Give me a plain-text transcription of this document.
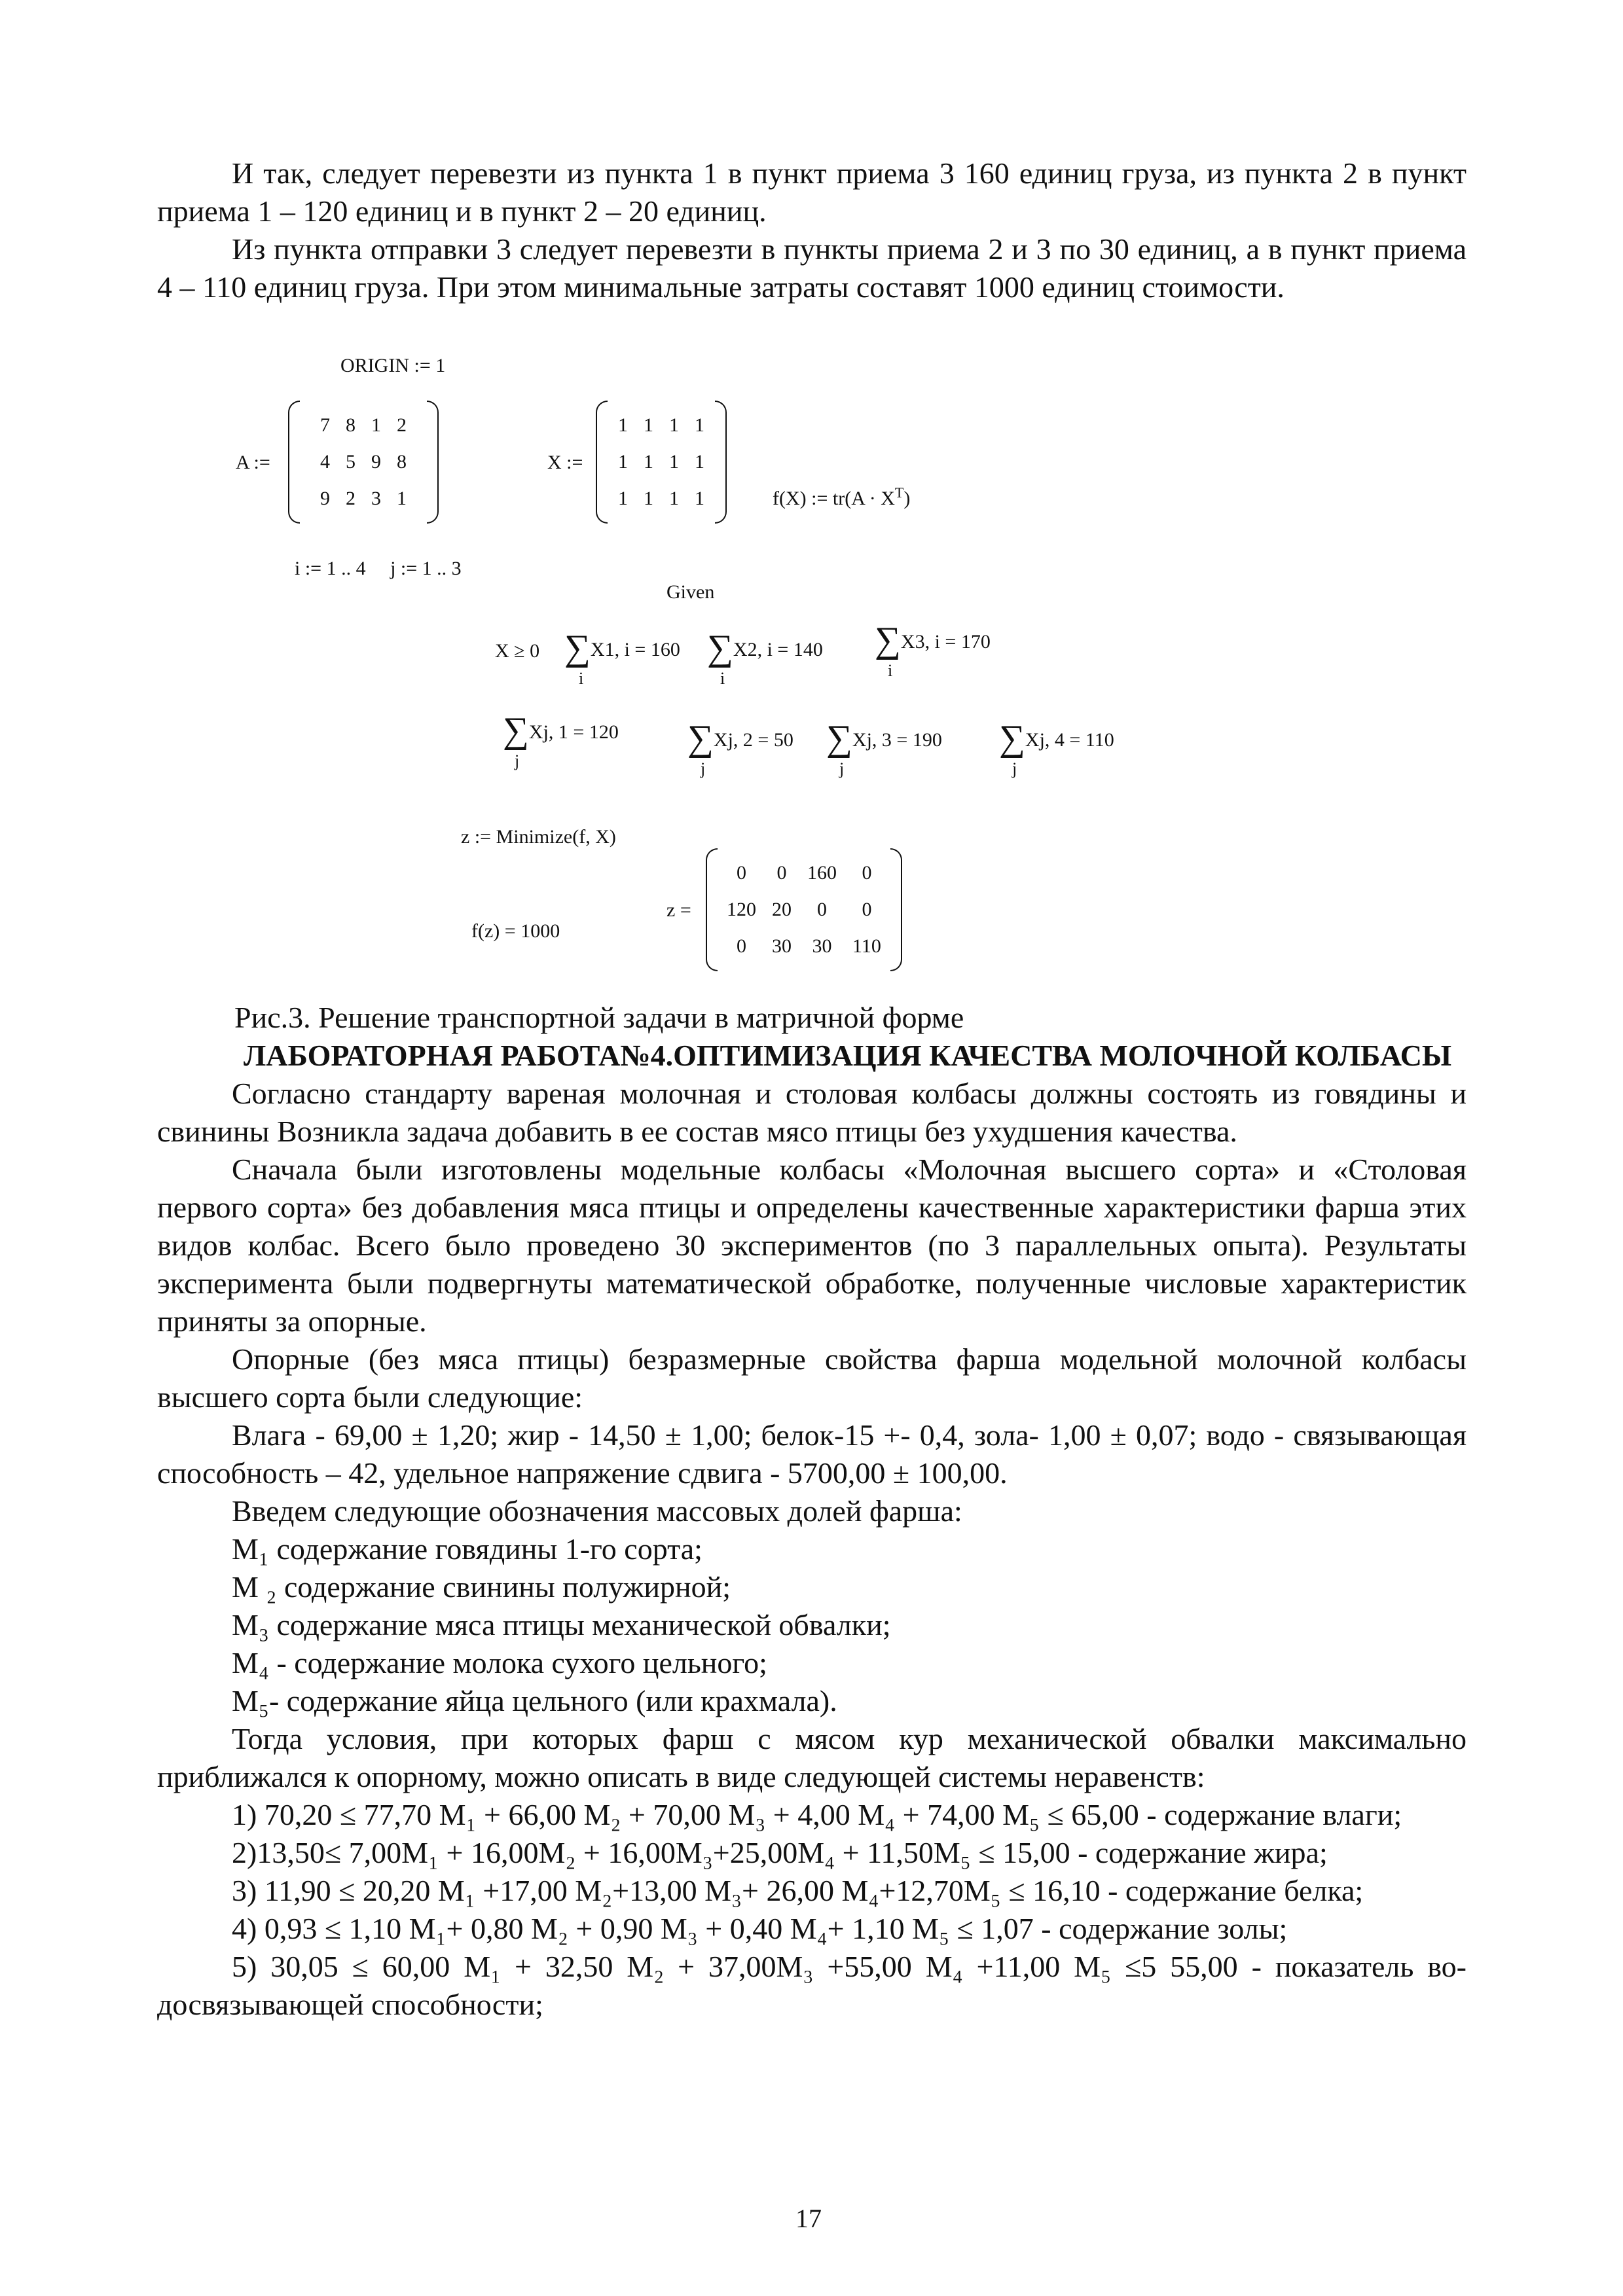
И так, следует перевезти из пункта 1 в пункт приема 3 160 единиц груза, из пункта 2 в пункт приема 1 – 120 единиц и в пункт 2 – 20 единиц.

Из пункта отправки 3 следует перевезти в пункты приема 2 и 3 по 30 единиц, а в пункт приема 4 – 110 единиц груза. При этом минимальные затраты составят 1000 единиц стоимости.

ORIGIN := 1
A :=
7	8	1	2
4	5	9	8
9	2	3	1
X :=
1	1	1	1
1	1	1	1
1	1	1	1	f(X) := $tr(A \cdot X^T)$
i := 1 .. 4     j := 1 .. 3
Given
X ≥ 0 ∑X1, i = 160
i
∑X2, i = 140
i
∑X3, i = 170
i
∑Xj, 1 = 120
j
∑Xj, 2 = 50
j
∑Xj, 3 = 190
j
∑Xj, 4 = 110
j
z := Minimize(f, X)
z =
0	0	160	0
120	20	0	0
0	30	30	110
f(z) = 1000

Рис.3. Решение транспортной задачи в матричной форме

ЛАБОРАТОРНАЯ РАБОТА№4.ОПТИМИЗАЦИЯ КАЧЕСТВА МОЛОЧНОЙ КОЛБАСЫ

Согласно стандарту вареная молочная и столовая колбасы должны состоять из говядины и свинины Возникла задача добавить в ее состав мясо птицы без ухудшения качества.

Сначала были изготовлены модельные колбасы «Молочная высшего сорта» и «Столовая первого сорта» без добавления мяса птицы и определены качественные характеристики фарша этих видов колбас. Всего было проведено 30 экспериментов (по 3 параллельных опыта). Результаты эксперимента были подвергнуты математической обработке, полученные числовые характеристик приняты за опорные.

Опорные (без мяса птицы) безразмерные свойства фарша модельной молочной колбасы высшего сорта были следующие:

Влага - 69,00 ± 1,20; жир - 14,50 ± 1,00; белок-15 +- 0,4, зола- 1,00 ± 0,07; водо - связывающая способность – 42, удельное напряжение сдвига - 5700,00 ± 100,00.

Введем следующие обозначения массовых долей фарша:

M₁ содержание говядины 1-го сорта;

M ₂ содержание свинины полужирной;

M₃ содержание мяса птицы механической обвалки;

M₄ - содержание молока сухого цельного;

M₅- содержание яйца цельного (или крахмала).

Тогда условия, при которых фарш с мясом кур механической обвалки максимально приближался к опорному, можно описать в виде следующей системы неравенств:

1) 70,20 ≤ 77,70 M₁ + 66,00 M₂ + 70,00 M₃ + 4,00 M₄ + 74,00 M₅ ≤ 65,00 - содержание влаги;

2)13,50≤ 7,00M₁ + 16,00M₂ + 16,00M₃+25,00M₄ + 11,50M₅ ≤ 15,00 - содержание жира;

3) 11,90 ≤ 20,20 M₁ +17,00 M₂+13,00 M₃+ 26,00 M₄+12,70M₅ ≤ 16,10 - содержание белка;

4) 0,93 ≤ 1,10 M₁+ 0,80 M₂ + 0,90 M₃ + 0,40 M₄+ 1,10 M₅ ≤ 1,07 - содержание золы;

5) 30,05 ≤ 60,00 M₁ + 32,50 M₂ + 37,00M₃ +55,00 M₄ +11,00 M₅ ≤5 55,00 - показатель водосвязывающей способности;

17
